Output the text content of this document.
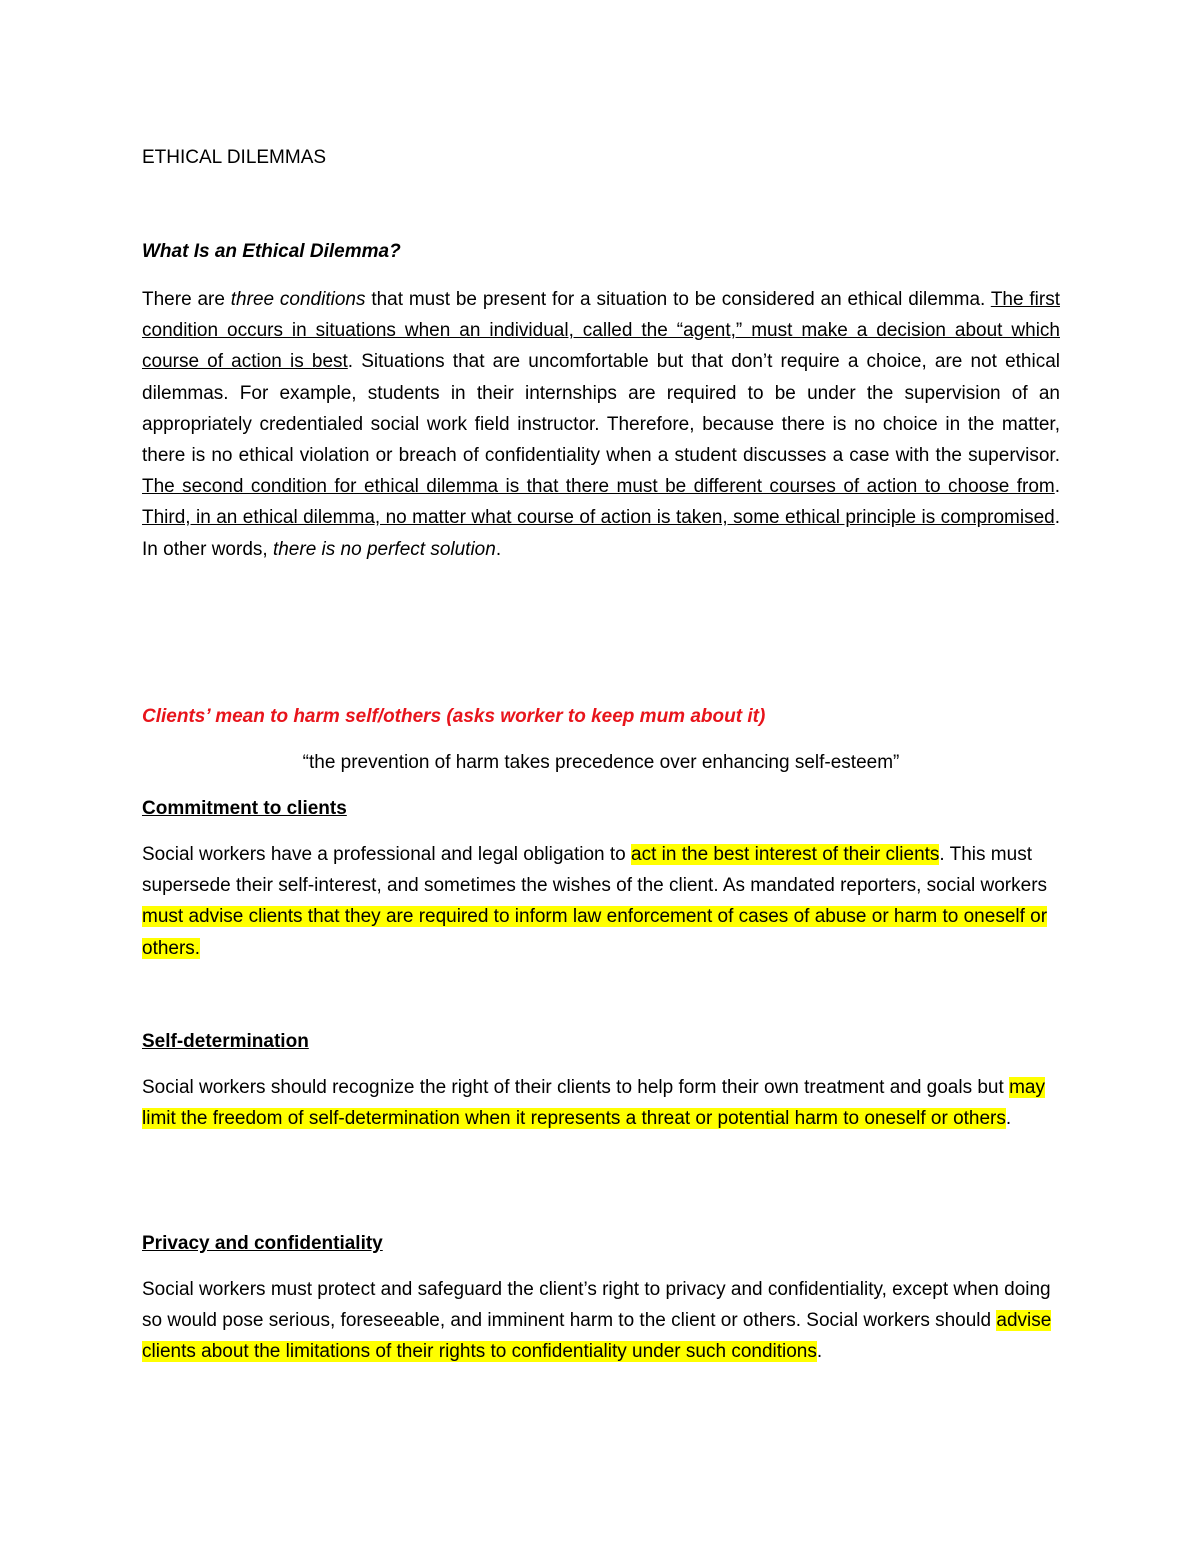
ETHICAL DILEMMAS
What Is an Ethical Dilemma?

There are three conditions that must be present for a situation to be considered an ethical dilemma. The first condition occurs in situations when an individual, called the “agent,” must make a decision about which course of action is best. Situations that are uncomfortable but that don’t require a choice, are not ethical dilemmas. For example, students in their internships are required to be under the supervision of an appropriately credentialed social work field instructor. Therefore, because there is no choice in the matter, there is no ethical violation or breach of confidentiality when a student discusses a case with the supervisor. The second condition for ethical dilemma is that there must be different courses of action to choose from. Third, in an ethical dilemma, no matter what course of action is taken, some ethical principle is compromised. In other words, there is no perfect solution.

Clients’ mean to harm self/others (asks worker to keep mum about it)

“the prevention of harm takes precedence over enhancing self-esteem”

Commitment to clients

Social workers have a professional and legal obligation to act in the best interest of their clients. This must supersede their self-interest, and sometimes the wishes of the client. As mandated reporters, social workers must advise clients that they are required to inform law enforcement of cases of abuse or harm to oneself or others.

Self-determination

Social workers should recognize the right of their clients to help form their own treatment and goals but may limit the freedom of self-determination when it represents a threat or potential harm to oneself or others.

Privacy and confidentiality

Social workers must protect and safeguard the client’s right to privacy and confidentiality, except when doing so would pose serious, foreseeable, and imminent harm to the client or others. Social workers should advise clients about the limitations of their rights to confidentiality under such conditions.
